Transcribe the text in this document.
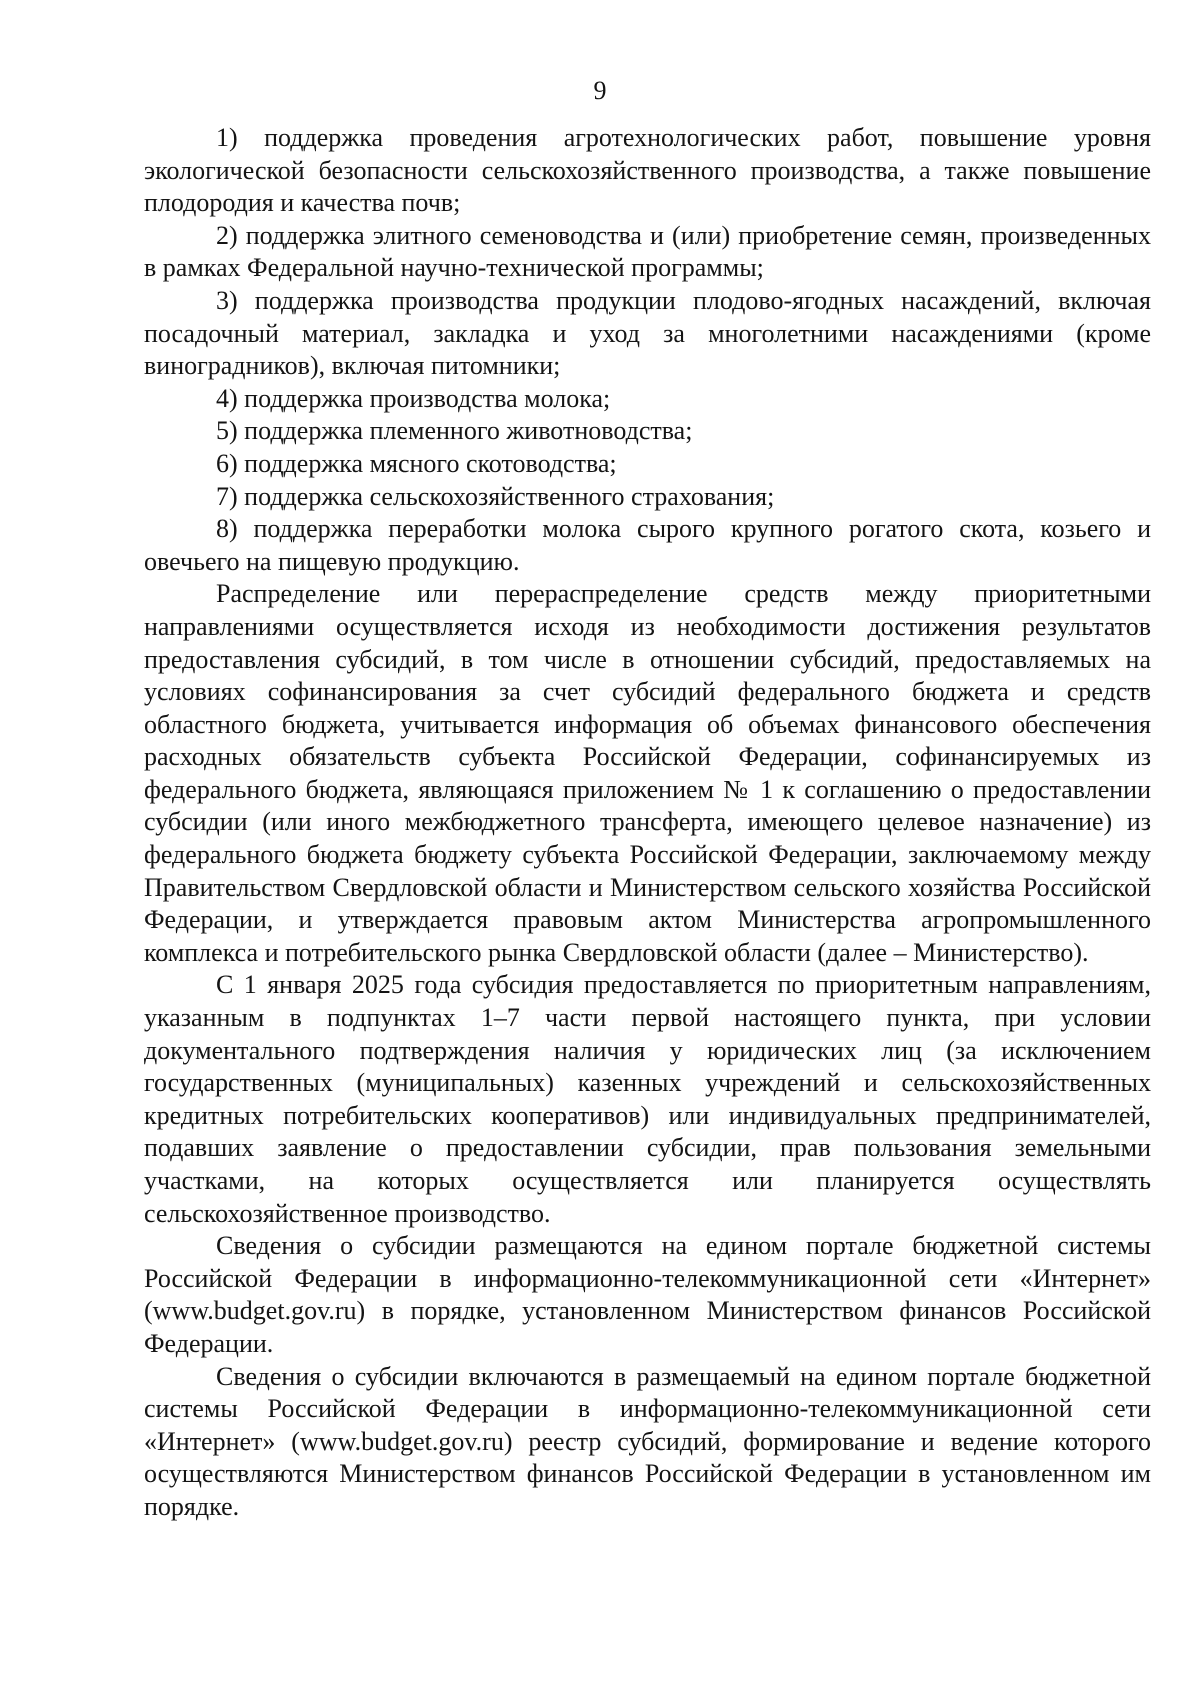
9

1) поддержка проведения агротехнологических работ, повышение уровня экологической безопасности сельскохозяйственного производства, а также повышение плодородия и качества почв;

2) поддержка элитного семеноводства и (или) приобретение семян, произведенных в рамках Федеральной научно-технической программы;

3) поддержка производства продукции плодово-ягодных насаждений, включая посадочный материал, закладка и уход за многолетними насаждениями (кроме виноградников), включая питомники;

4) поддержка производства молока;

5) поддержка племенного животноводства;

6) поддержка мясного скотоводства;

7) поддержка сельскохозяйственного страхования;

8) поддержка переработки молока сырого крупного рогатого скота, козьего и овечьего на пищевую продукцию.

Распределение или перераспределение средств между приоритетными направлениями осуществляется исходя из необходимости достижения результатов предоставления субсидий, в том числе в отношении субсидий, предоставляемых на условиях софинансирования за счет субсидий федерального бюджета и средств областного бюджета, учитывается информация об объемах финансового обеспечения расходных обязательств субъекта Российской Федерации, софинансируемых из федерального бюджета, являющаяся приложением № 1 к соглашению о предоставлении субсидии (или иного межбюджетного трансферта, имеющего целевое назначение) из федерального бюджета бюджету субъекта Российской Федерации, заключаемому между Правительством Свердловской области и Министерством сельского хозяйства Российской Федерации, и утверждается правовым актом Министерства агропромышленного комплекса и потребительского рынка Свердловской области (далее – Министерство).

С 1 января 2025 года субсидия предоставляется по приоритетным направлениям, указанным в подпунктах 1–7 части первой настоящего пункта, при условии документального подтверждения наличия у юридических лиц (за исключением государственных (муниципальных) казенных учреждений и сельскохозяйственных кредитных потребительских кооперативов) или индивидуальных предпринимателей, подавших заявление о предоставлении субсидии, прав пользования земельными участками, на которых осуществляется или планируется осуществлять сельскохозяйственное производство.

Сведения о субсидии размещаются на едином портале бюджетной системы Российской Федерации в информационно-телекоммуникационной сети «Интернет» (www.budget.gov.ru) в порядке, установленном Министерством финансов Российской Федерации.

Сведения о субсидии включаются в размещаемый на едином портале бюджетной системы Российской Федерации в информационно-телекоммуникационной сети «Интернет» (www.budget.gov.ru) реестр субсидий, формирование и ведение которого осуществляются Министерством финансов Российской Федерации в установленном им порядке.
